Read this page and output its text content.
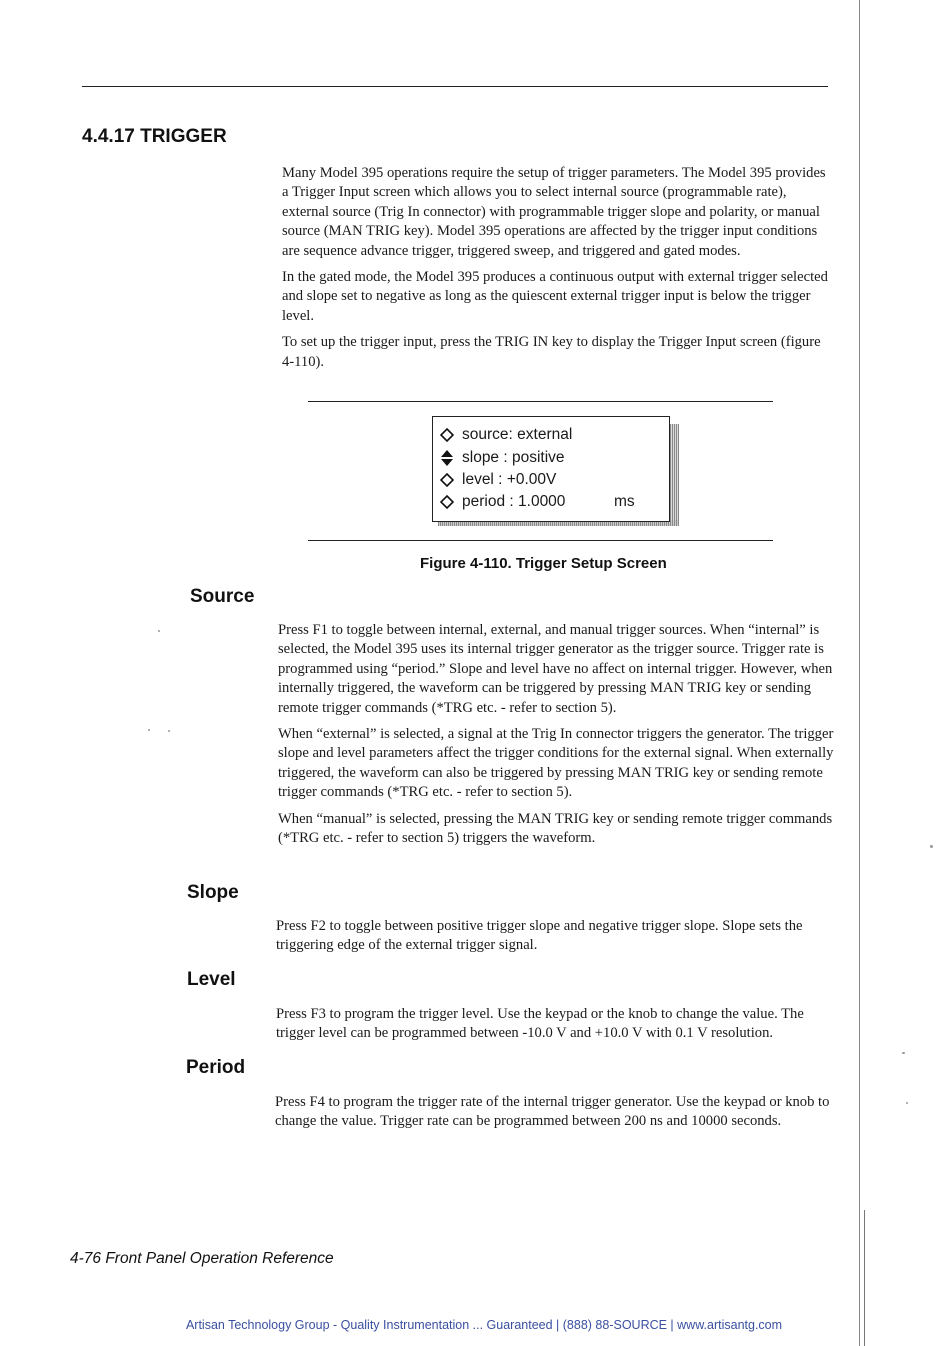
4.4.17 TRIGGER

Many Model 395 operations require the setup of trigger parameters. The Model 395 provides a Trigger Input screen which allows you to select internal source (programmable rate), external source (Trig In connector) with programmable trigger slope and polarity, or manual source (MAN TRIG key). Model 395 operations are affected by the trigger input conditions are sequence advance trigger, triggered sweep, and triggered and gated modes.

In the gated mode, the Model 395 produces a continuous output with external trigger selected and slope set to negative as long as the quiescent external trigger input is below the trigger level.

To set up the trigger input, press the TRIG IN key to display the Trigger Input screen (figure 4-110).

source:
external
slope :
positive
level :
+0.00V
period :
1.0000	ms

Figure 4-110. Trigger Setup Screen

Source

Press F1 to toggle between internal, external, and manual trigger sources. When “internal” is selected, the Model 395 uses its internal trigger generator as the trigger source. Trigger rate is programmed using “period.” Slope and level have no affect on internal trigger. However, when internally triggered, the waveform can be triggered by pressing MAN TRIG key or sending remote trigger commands (*TRG etc. - refer to section 5).

When “external” is selected, a signal at the Trig In connector triggers the generator. The trigger slope and level parameters affect the trigger conditions for the external signal. When externally triggered, the waveform can also be triggered by pressing MAN TRIG key or sending remote trigger commands (*TRG etc. - refer to section 5).

When “manual” is selected, pressing the MAN TRIG key or sending remote trigger commands (*TRG etc. - refer to section 5) triggers the waveform.

Slope

Press F2 to toggle between positive trigger slope and negative trigger slope. Slope sets the triggering edge of the external trigger signal.

Level

Press F3 to program the trigger level. Use the keypad or the knob to change the value. The trigger level can be programmed between -10.0 V and +10.0 V with 0.1 V resolution.

Period

Press F4 to program the trigger rate of the internal trigger generator. Use the keypad or knob to change the value. Trigger rate can be programmed between 200 ns and 10000 seconds.

4-76 Front Panel Operation Reference

Artisan Technology Group - Quality Instrumentation ... Guaranteed | (888) 88-SOURCE | www.artisantg.com
